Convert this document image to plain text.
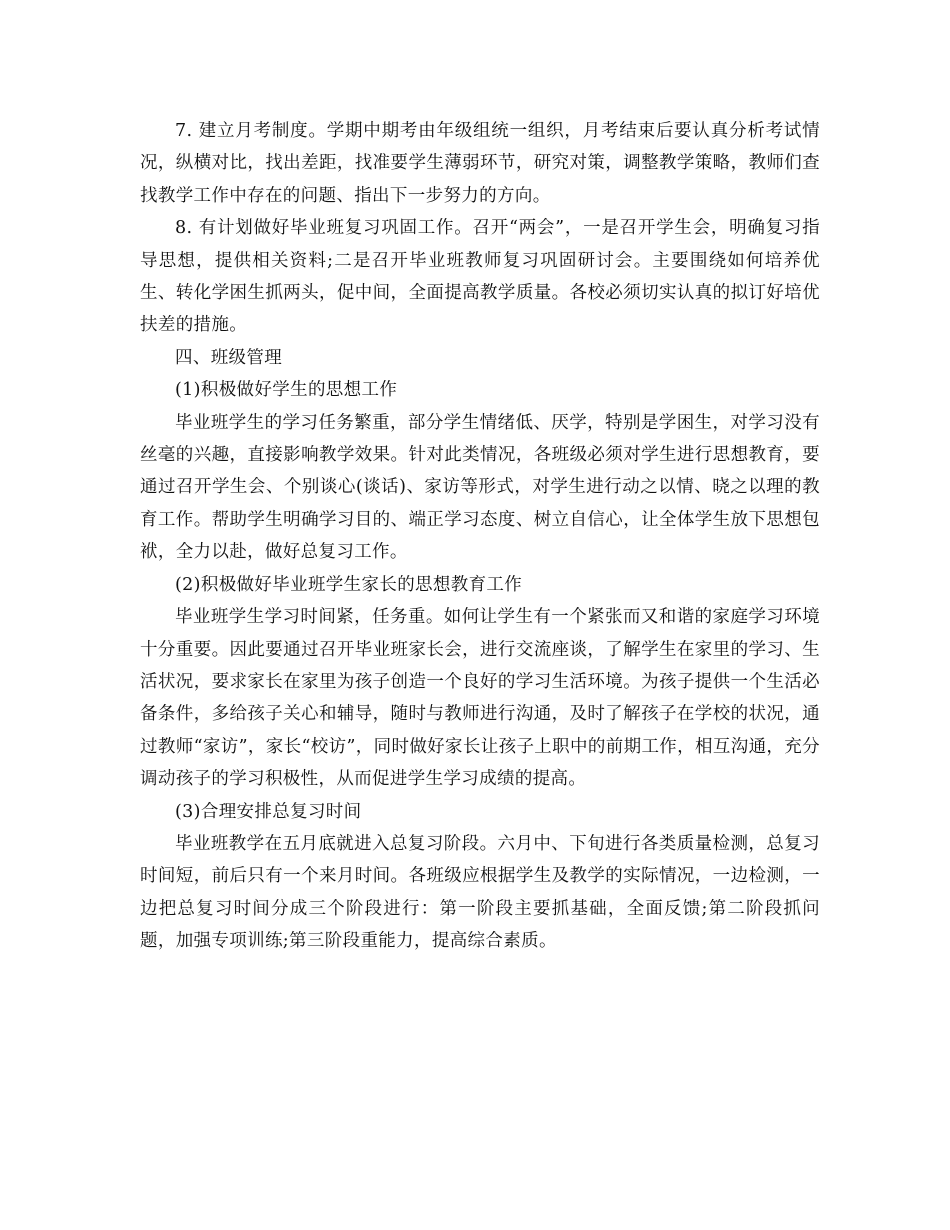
7. 建立月考制度。学期中期考由年级组统一组织，月考结束后要认真分析考试情况，纵横对比，找出差距，找准要学生薄弱环节，研究对策，调整教学策略，教师们查找教学工作中存在的问题、指出下一步努力的方向。

8. 有计划做好毕业班复习巩固工作。召开“两会”，一是召开学生会，明确复习指导思想，提供相关资料;二是召开毕业班教师复习巩固研讨会。主要围绕如何培养优生、转化学困生抓两头，促中间，全面提高教学质量。各校必须切实认真的拟订好培优扶差的措施。

四、班级管理

(1)积极做好学生的思想工作

毕业班学生的学习任务繁重，部分学生情绪低、厌学，特别是学困生，对学习没有丝毫的兴趣，直接影响教学效果。针对此类情况，各班级必须对学生进行思想教育，要通过召开学生会、个别谈心(谈话)、家访等形式，对学生进行动之以情、晓之以理的教育工作。帮助学生明确学习目的、端正学习态度、树立自信心，让全体学生放下思想包袱，全力以赴，做好总复习工作。

(2)积极做好毕业班学生家长的思想教育工作

毕业班学生学习时间紧，任务重。如何让学生有一个紧张而又和谐的家庭学习环境十分重要。因此要通过召开毕业班家长会，进行交流座谈，了解学生在家里的学习、生活状况，要求家长在家里为孩子创造一个良好的学习生活环境。为孩子提供一个生活必备条件，多给孩子关心和辅导，随时与教师进行沟通，及时了解孩子在学校的状况，通过教师“家访”，家长“校访”，同时做好家长让孩子上职中的前期工作，相互沟通，充分调动孩子的学习积极性，从而促进学生学习成绩的提高。

(3)合理安排总复习时间

毕业班教学在五月底就进入总复习阶段。六月中、下旬进行各类质量检测，总复习时间短，前后只有一个来月时间。各班级应根据学生及教学的实际情况，一边检测，一边把总复习时间分成三个阶段进行：第一阶段主要抓基础，全面反馈;第二阶段抓问题，加强专项训练;第三阶段重能力，提高综合素质。
